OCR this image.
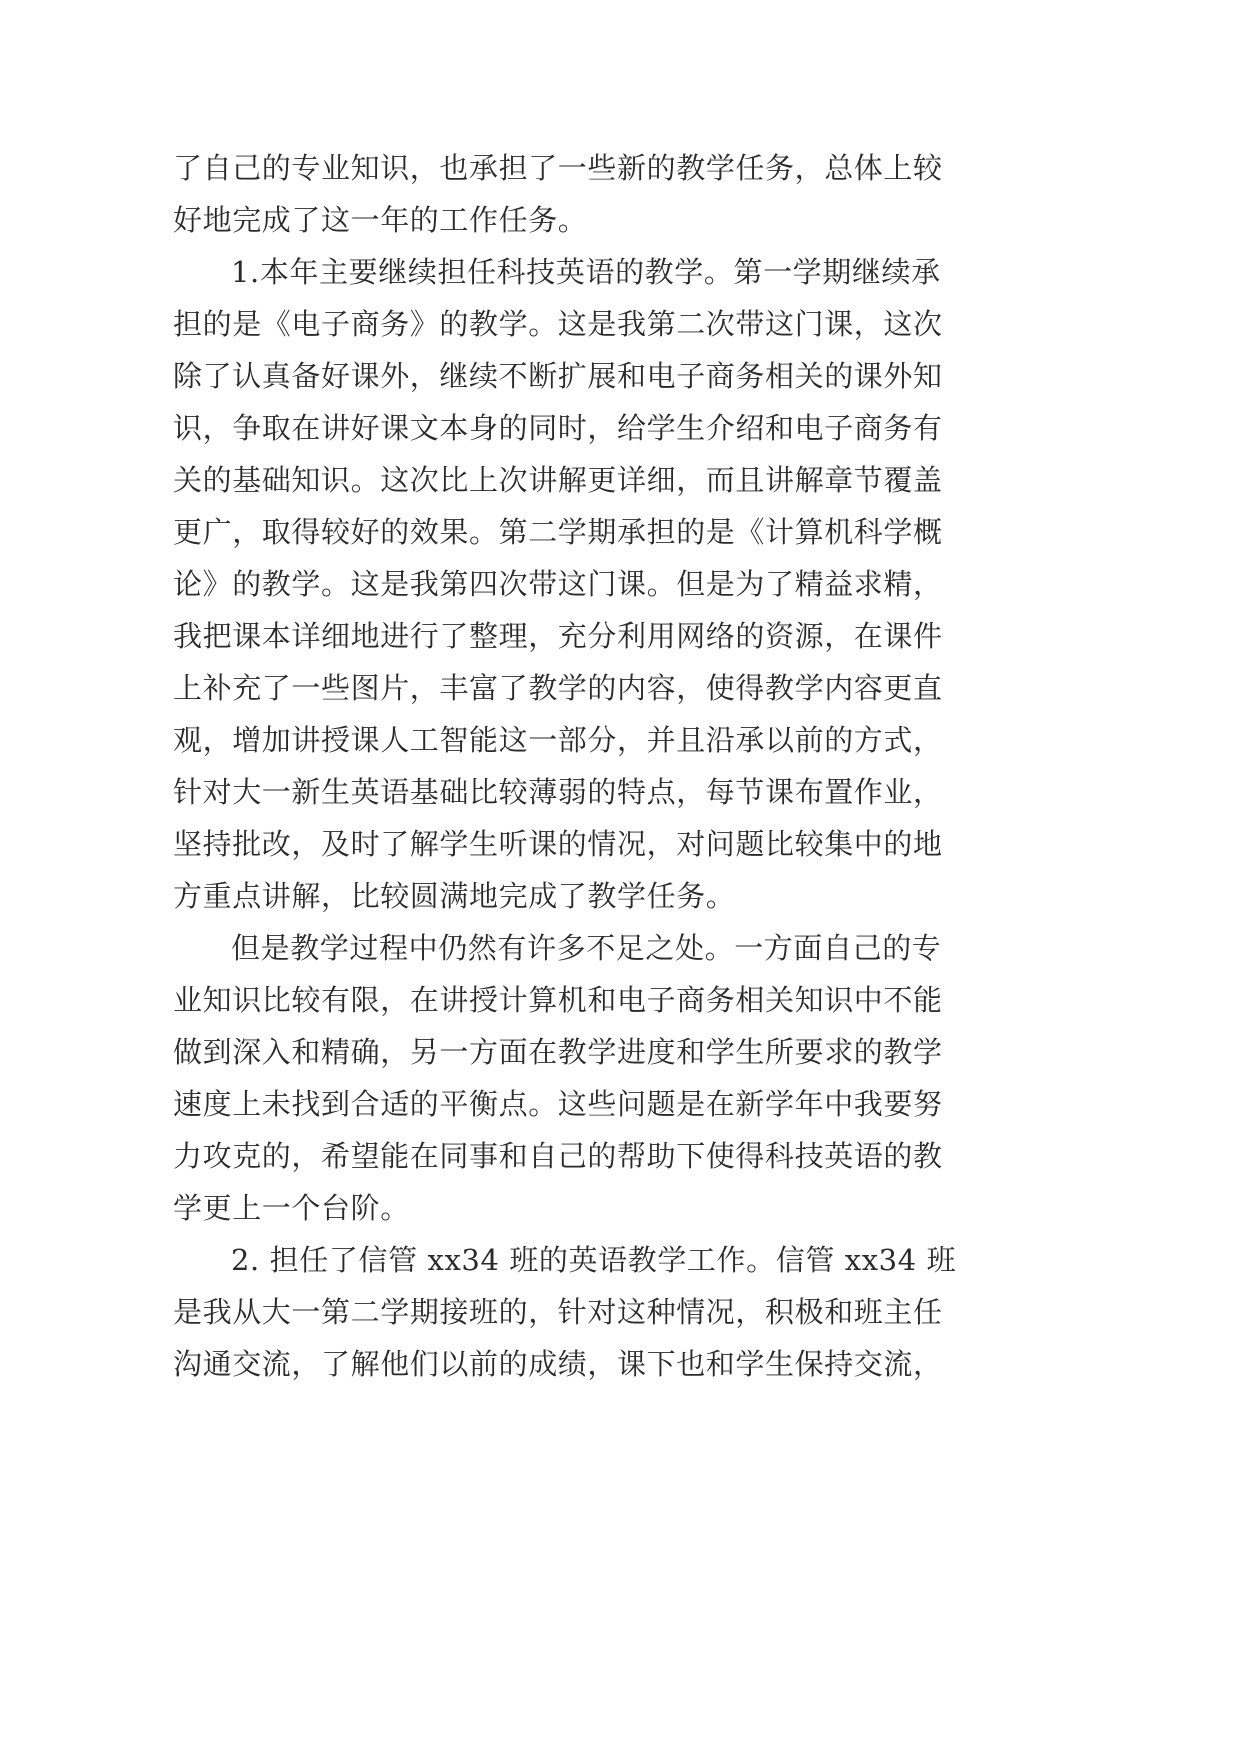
了自己的专业知识，也承担了一些新的教学任务，总体上较
好地完成了这一年的工作任务。
1.本年主要继续担任科技英语的教学。第一学期继续承
担的是《电子商务》的教学。这是我第二次带这门课，这次
除了认真备好课外，继续不断扩展和电子商务相关的课外知
识，争取在讲好课文本身的同时，给学生介绍和电子商务有
关的基础知识。这次比上次讲解更详细，而且讲解章节覆盖
更广，取得较好的效果。第二学期承担的是《计算机科学概
论》的教学。这是我第四次带这门课。但是为了精益求精，
我把课本详细地进行了整理，充分利用网络的资源，在课件
上补充了一些图片，丰富了教学的内容，使得教学内容更直
观，增加讲授课人工智能这一部分，并且沿承以前的方式，
针对大一新生英语基础比较薄弱的特点，每节课布置作业，
坚持批改，及时了解学生听课的情况，对问题比较集中的地
方重点讲解，比较圆满地完成了教学任务。
但是教学过程中仍然有许多不足之处。一方面自己的专
业知识比较有限，在讲授计算机和电子商务相关知识中不能
做到深入和精确，另一方面在教学进度和学生所要求的教学
速度上未找到合适的平衡点。这些问题是在新学年中我要努
力攻克的，希望能在同事和自己的帮助下使得科技英语的教
学更上一个台阶。
2. 担任了信管 xx34 班的英语教学工作。信管 xx34 班
是我从大一第二学期接班的，针对这种情况，积极和班主任
沟通交流，了解他们以前的成绩，课下也和学生保持交流，
